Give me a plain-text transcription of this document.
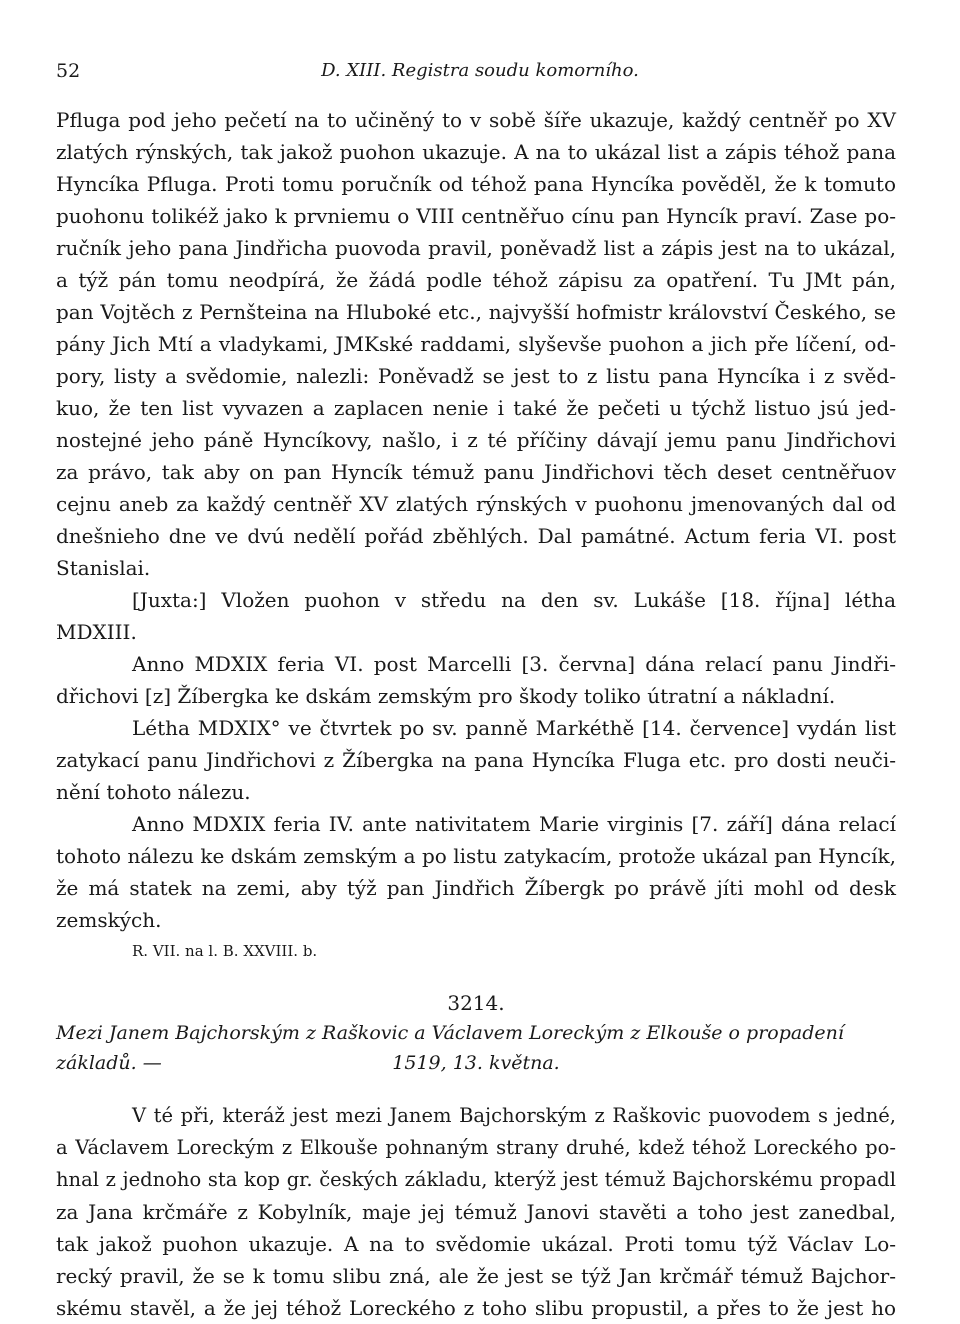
52	D. XIII. Registra soudu komorního.
Pfluga pod jeho pečetí na to učiněný to v sobě šíře ukazuje, každý centněř po XV
zlatých rýnských, tak jakož puohon ukazuje. A na to ukázal list a zápis téhož pana
Hyncíka Pfluga. Proti tomu poručník od téhož pana Hyncíka pověděl, že k tomuto
puohonu tolikéž jako k prvniemu o VIII centněřuo cínu pan Hyncík praví. Zase po-
ručník jeho pana Jindřicha puovoda pravil, poněvadž list a zápis jest na to ukázal,
a týž pán tomu neodpírá, že žádá podle téhož zápisu za opatření. Tu JMt pán,
pan Vojtěch z Pernšteina na Hluboké etc., najvyšší hofmistr království Českého, se
pány Jich Mtí a vladykami, JMKské raddami, slyševše puohon a jich pře líčení, od-
pory, listy a svědomie, nalezli: Poněvadž se jest to z listu pana Hyncíka i z svěd-
kuo, že ten list vyvazen a zaplacen nenie i také že pečeti u týchž listuo jsú jed-
nostejné jeho páně Hyncíkovy, našlo, i z té příčiny dávají jemu panu Jindřichovi
za právo, tak aby on pan Hyncík témuž panu Jindřichovi těch deset centněřuov
cejnu aneb za každý centněř XV zlatých rýnských v puohonu jmenovaných dal od
dnešnieho dne ve dvú nedělí pořád zběhlých. Dal památné. Actum feria VI. post
Stanislai.
[Juxta:] Vložen puohon v středu na den sv. Lukáše [18. října] létha
MDXIII.
Anno MDXIX feria VI. post Marcelli [3. června] dána relací panu Jindři-
dřichovi [z] Žíbergka ke dskám zemským pro škody toliko útratní a nákladní.
Létha MDXIX° ve čtvrtek po sv. panně Markéthě [14. července] vydán list
zatykací panu Jindřichovi z Žíbergka na pana Hyncíka Fluga etc. pro dosti neuči-
nění tohoto nálezu.
Anno MDXIX feria IV. ante nativitatem Marie virginis [7. září] dána relací
tohoto nálezu ke dskám zemským a po listu zatykacím, protože ukázal pan Hyncík,
že má statek na zemi, aby týž pan Jindřich Žíbergk po právě jíti mohl od desk
zemských.
R. VII. na l. B. XXVIII. b.
3214.
Mezi Janem Bajchorským z Raškovic a Václavem Loreckým z Elkouše o propadení základů. —	1519, 13. května.
V té při, kteráž jest mezi Janem Bajchorským z Raškovic puovodem s jedné,
a Václavem Loreckým z Elkouše pohnaným strany druhé, kdež téhož Loreckého po-
hnal z jednoho sta kop gr. českých základu, kterýž jest témuž Bajchorskému propadl
za Jana krčmáře z Kobylník, maje jej témuž Janovi stavěti a toho jest zanedbal,
tak jakož puohon ukazuje. A na to svědomie ukázal. Proti tomu týž Václav Lo-
recký pravil, že se k tomu slibu zná, ale že jest se týž Jan krčmář témuž Bajchor-
skému stavěl, a že jej téhož Loreckého z toho slibu propustil, a přes to že jest ho
